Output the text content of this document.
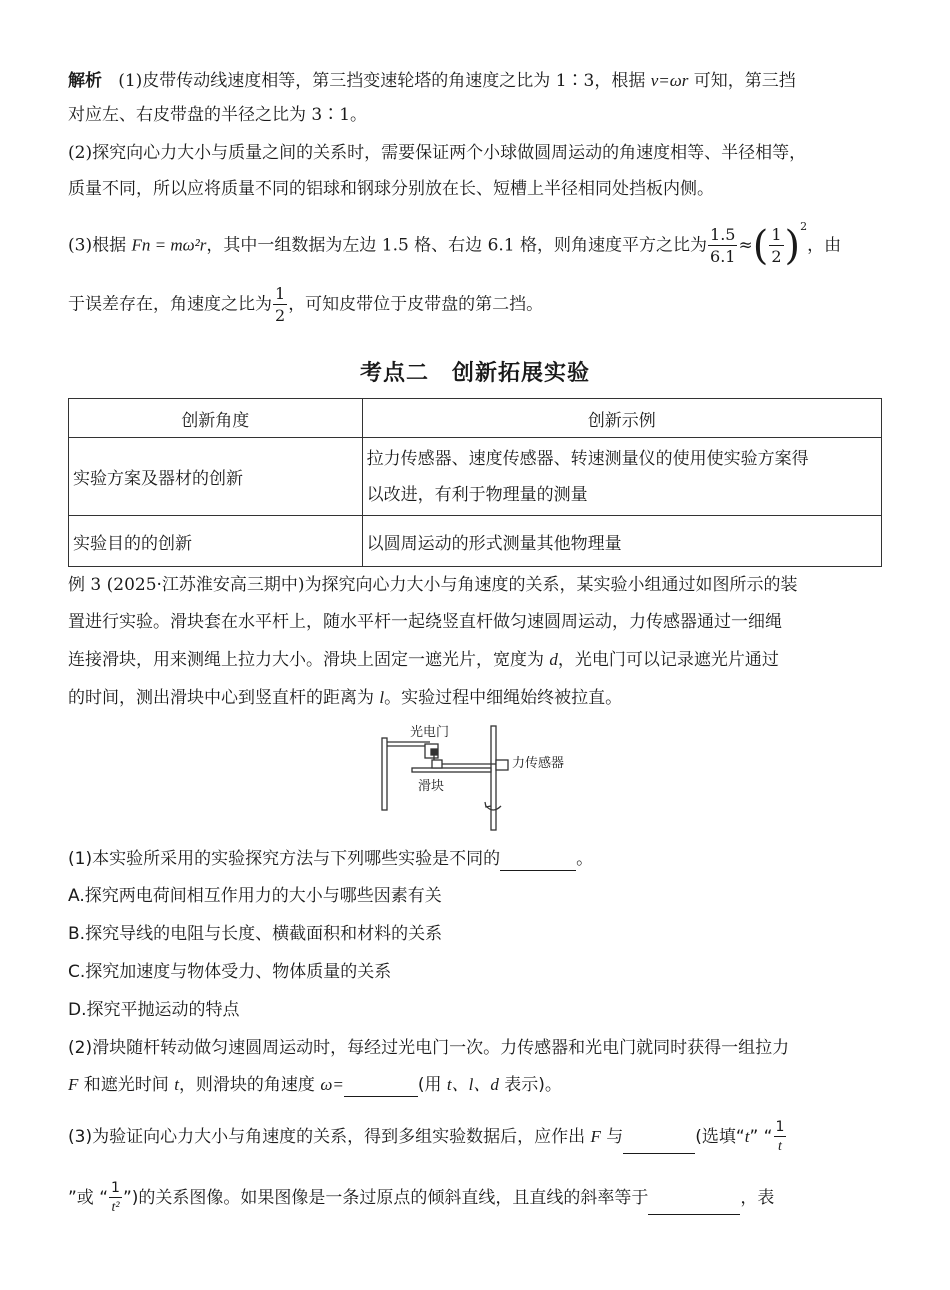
解析 (1)皮带传动线速度相等，第三挡变速轮塔的角速度之比为 1∶3，根据 v=ωr 可知，第三挡
对应左、右皮带盘的半径之比为 3∶1。
(2)探究向心力大小与质量之间的关系时，需要保证两个小球做圆周运动的角速度相等、半径相等，
质量不同，所以应将质量不同的铝球和钢球分别放在长、短槽上半径相同处挡板内侧。
(3)根据 Fn = mω²r，其中一组数据为左边 1.5 格、右边 6.1 格，则角速度平方之比为 $\frac{1.5}{6.1}$ ≈( $\frac{1}{2} )^2$，由
于误差存在，角速度之比为 $\frac{1}{2}$ ，可知皮带位于皮带盘的第二挡。
考点二　创新拓展实验
创新角度	创新示例
实验方案及器材的创新	拉力传感器、速度传感器、转速测量仪的使用使实验方案得
以改进，有利于物理量的测量

实验目的的创新	以圆周运动的形式测量其他物理量
例 3 (2025·江苏淮安高三期中)为探究向心力大小与角速度的关系，某实验小组通过如图所示的装
置进行实验。滑块套在水平杆上，随水平杆一起绕竖直杆做匀速圆周运动，力传感器通过一细绳
连接滑块，用来测绳上拉力大小。滑块上固定一遮光片，宽度为 d，光电门可以记录遮光片通过
的时间，测出滑块中心到竖直杆的距离为 l。实验过程中细绳始终被拉直。
光电门
力传感器
滑块
(1)本实验所采用的实验探究方法与下列哪些实验是不同的	。
A.探究两电荷间相互作用力的大小与哪些因素有关
B.探究导线的电阻与长度、横截面积和材料的关系
C.探究加速度与物体受力、物体质量的关系
D.探究平抛运动的特点
(2)滑块随杆转动做匀速圆周运动时，每经过光电门一次。力传感器和光电门就同时获得一组拉力
F 和遮光时间 t，则滑块的角速度 ω=	(用 t、l、d 表示)。
(3)为验证向心力大小与角速度的关系，得到多组实验数据后，应作出 F 与	(选填“t” “ $\frac{1}{t}$
”或 “ $\frac{1}{\text{t²}}$ ”)的关系图像。如果图像是一条过原点的倾斜直线，且直线的斜率等于	，表
